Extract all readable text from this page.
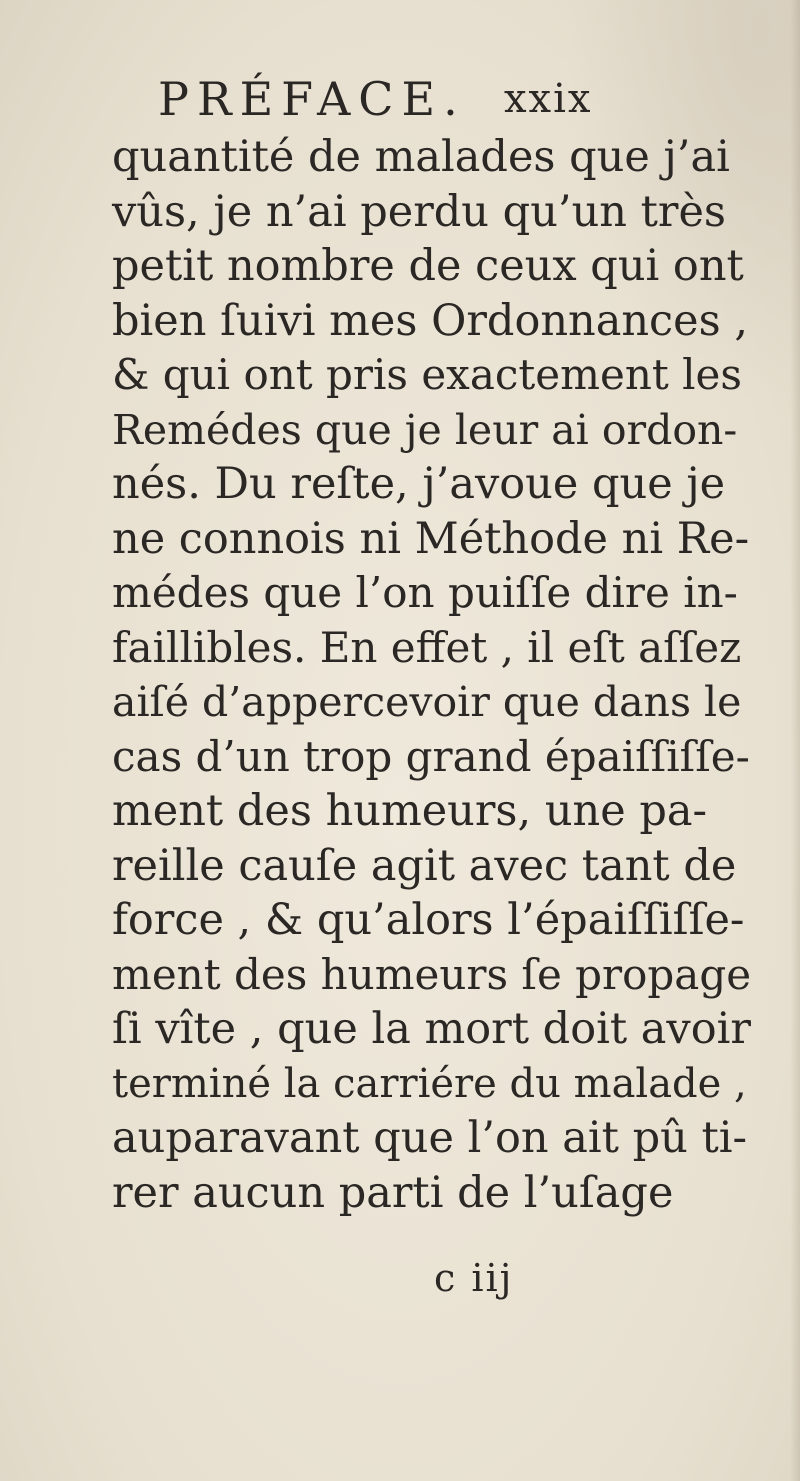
PRÉFACE. xxix
quantité de malades que j’ai
vûs, je n’ai perdu qu’un très
petit nombre de ceux qui ont
bien ſuivi mes Ordonnances ,
& qui ont pris exactement les
Remédes que je leur ai ordon-
nés. Du reſte, j’avoue que je
ne connois ni Méthode ni Re-
médes que l’on puiſſe dire in-
faillibles. En effet , il eſt aſſez
aiſé d’appercevoir que dans le
cas d’un trop grand épaiſſiſſe-
ment des humeurs, une pa-
reille cauſe agit avec tant de
force , & qu’alors l’épaiſſiſſe-
ment des humeurs ſe propage
ſi vîte , que la mort doit avoir
terminé la carriére du malade ,
auparavant que l’on ait pû ti-
rer aucun parti de l’uſage
c iij
